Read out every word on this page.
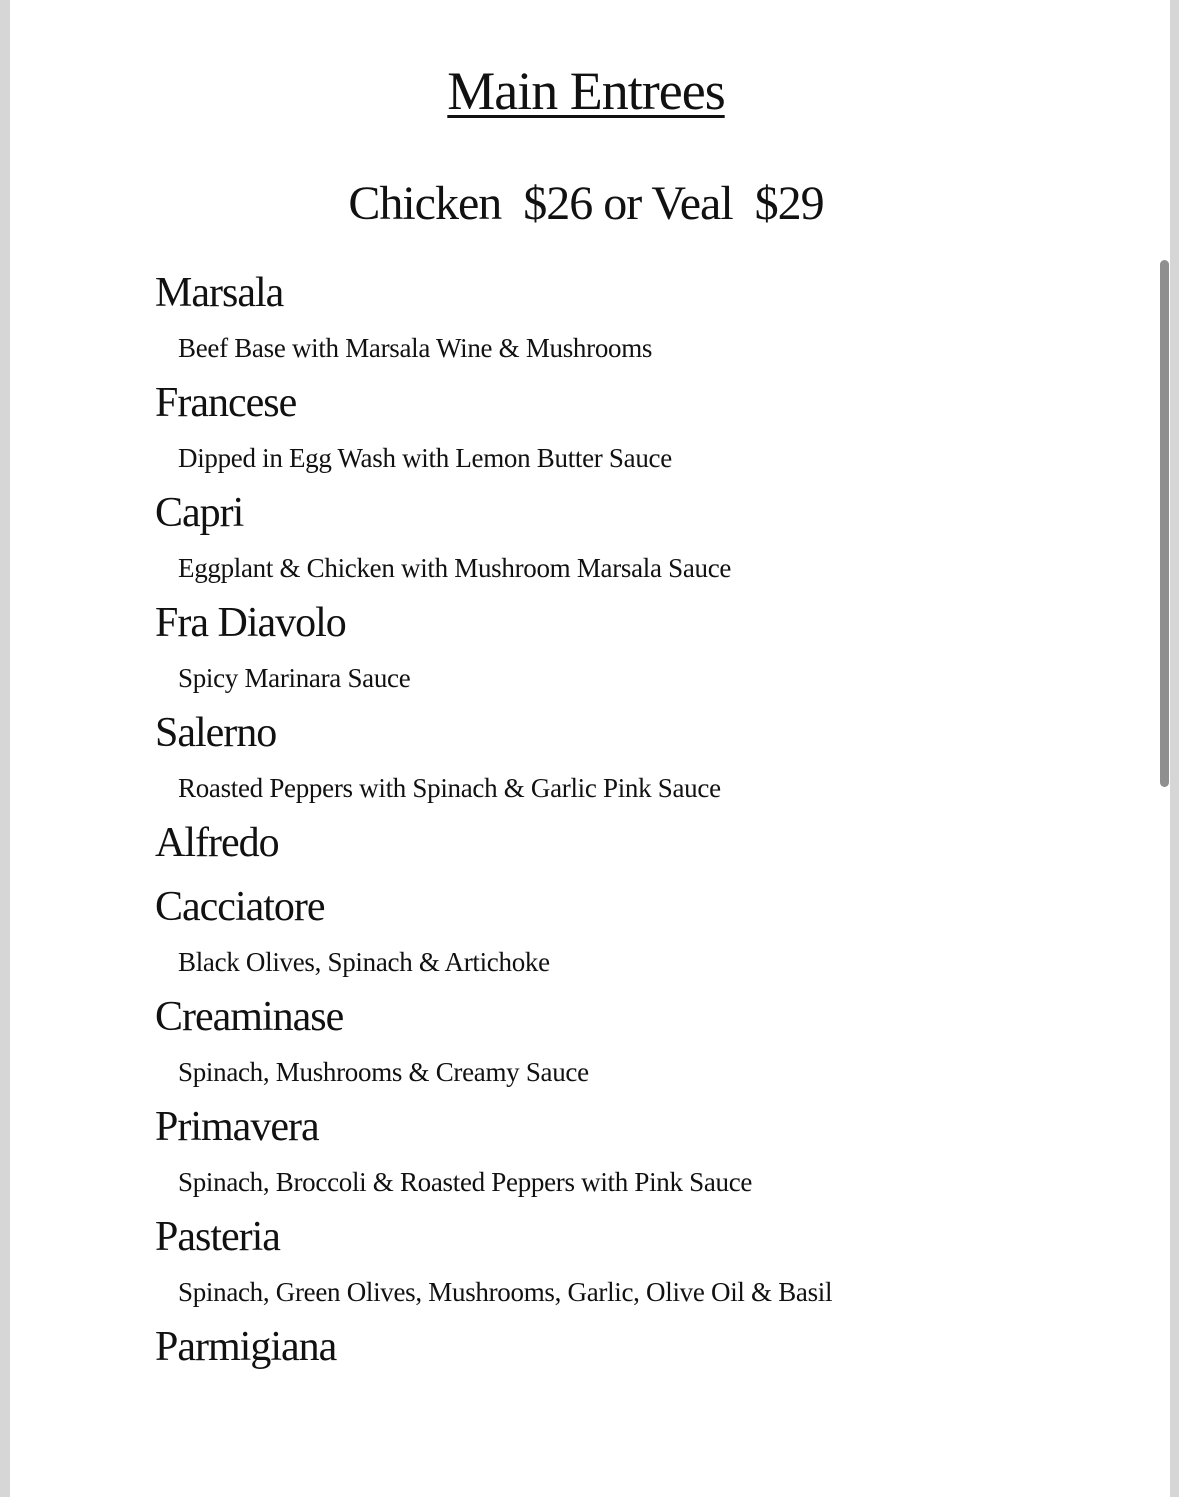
Main Entrees
Chicken  $26 or Veal  $29
Marsala
Beef Base with Marsala Wine & Mushrooms
Francese
Dipped in Egg Wash with Lemon Butter Sauce
Capri
Eggplant & Chicken with Mushroom Marsala Sauce
Fra Diavolo
Spicy Marinara Sauce
Salerno
Roasted Peppers with Spinach & Garlic Pink Sauce
Alfredo
Cacciatore
Black Olives, Spinach & Artichoke
Creaminase
Spinach, Mushrooms & Creamy Sauce
Primavera
Spinach, Broccoli & Roasted Peppers with Pink Sauce
Pasteria
Spinach, Green Olives, Mushrooms, Garlic, Olive Oil & Basil
Parmigiana
